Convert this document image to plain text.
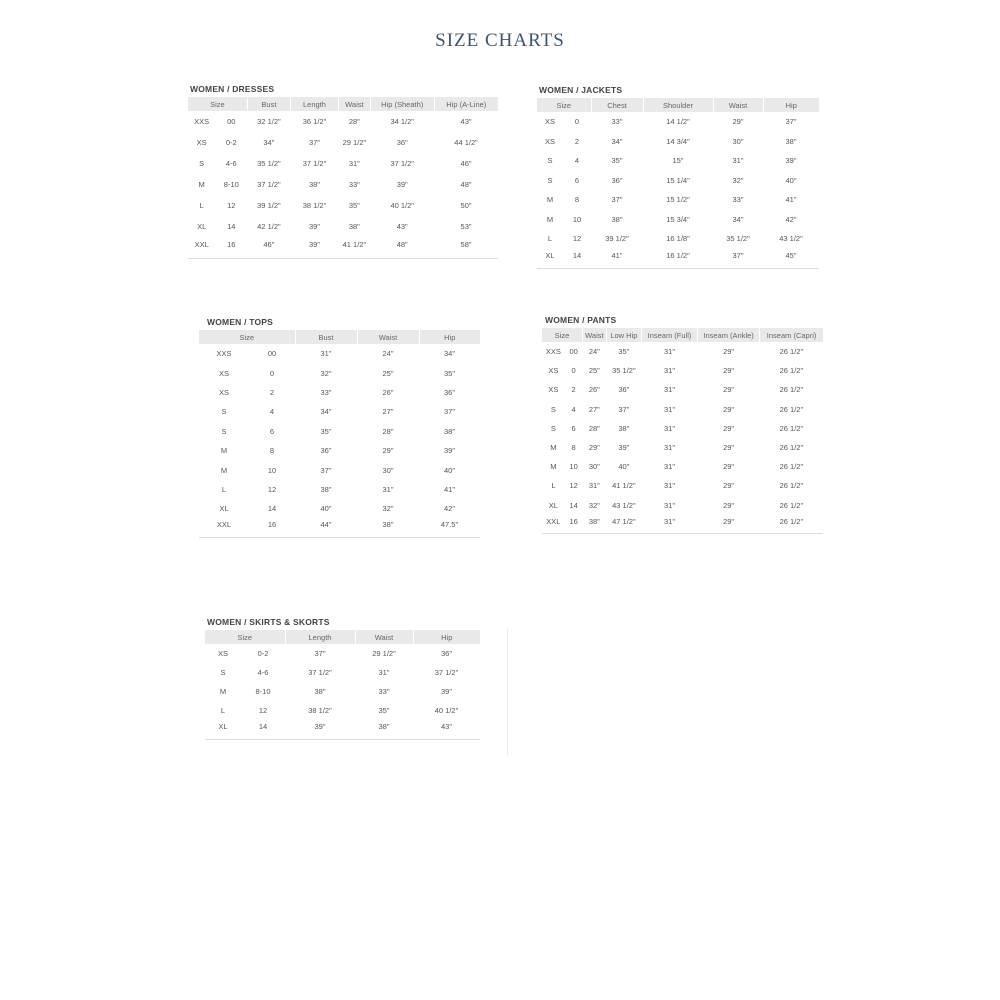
SIZE CHARTS
WOMEN / DRESSES
Size		Bust	Length	Waist	Hip (Sheath)	Hip (A-Line)
XXS	00	32 1/2"	36 1/2"	28"	34 1/2"	43"
XS	0-2	34"	37"	29 1/2"	36"	44 1/2"
S	4-6	35 1/2"	37 1/2"	31"	37 1/2"	46"
M	8-10	37 1/2"	38"	33"	39"	48"
L	12	39 1/2"	38 1/2"	35"	40 1/2"	50"
XL	14	42 1/2"	39"	38"	43"	53"
XXL	16	46"	39"	41 1/2"	48"	58"
WOMEN / JACKETS
Size		Chest	Shoulder	Waist	Hip
XS	0	33"	14 1/2"	29"	37"
XS	2	34"	14 3/4"	30"	38"
S	4	35"	15"	31"	39"
S	6	36"	15 1/4"	32"	40"
M	8	37"	15 1/2"	33"	41"
M	10	38"	15 3/4"	34"	42"
L	12	39 1/2"	16 1/8"	35 1/2"	43 1/2"
XL	14	41"	16 1/2"	37"	45"
WOMEN / TOPS
Size		Bust	Waist	Hip
XXS	00	31"	24"	34"
XS	0	32"	25"	35"
XS	2	33"	26"	36"
S	4	34"	27"	37"
S	6	35"	28"	38"
M	8	36"	29"	39"
M	10	37"	30"	40"
L	12	38"	31"	41"
XL	14	40"	32"	42"
XXL	16	44"	38"	47.5"
WOMEN / PANTS
Size		Waist	Low Hip	Inseam (Full)	Inseam (Ankle)	Inseam (Capri)
XXS	00	24"	35"	31"	29"	26 1/2"
XS	0	25"	35 1/2"	31"	29"	26 1/2"
XS	2	26"	36"	31"	29"	26 1/2"
S	4	27"	37"	31"	29"	26 1/2"
S	6	28"	38"	31"	29"	26 1/2"
M	8	29"	39"	31"	29"	26 1/2"
M	10	30"	40"	31"	29"	26 1/2"
L	12	31"	41 1/2"	31"	29"	26 1/2"
XL	14	32"	43 1/2"	31"	29"	26 1/2"
XXL	16	38"	47 1/2"	31"	29"	26 1/2"
WOMEN / SKIRTS & SKORTS
Size		Length	Waist	Hip
XS	0-2	37"	29 1/2"	36"
S	4-6	37 1/2"	31"	37 1/2"
M	8-10	38"	33"	39"
L	12	38 1/2"	35"	40 1/2"
XL	14	39"	38"	43"
